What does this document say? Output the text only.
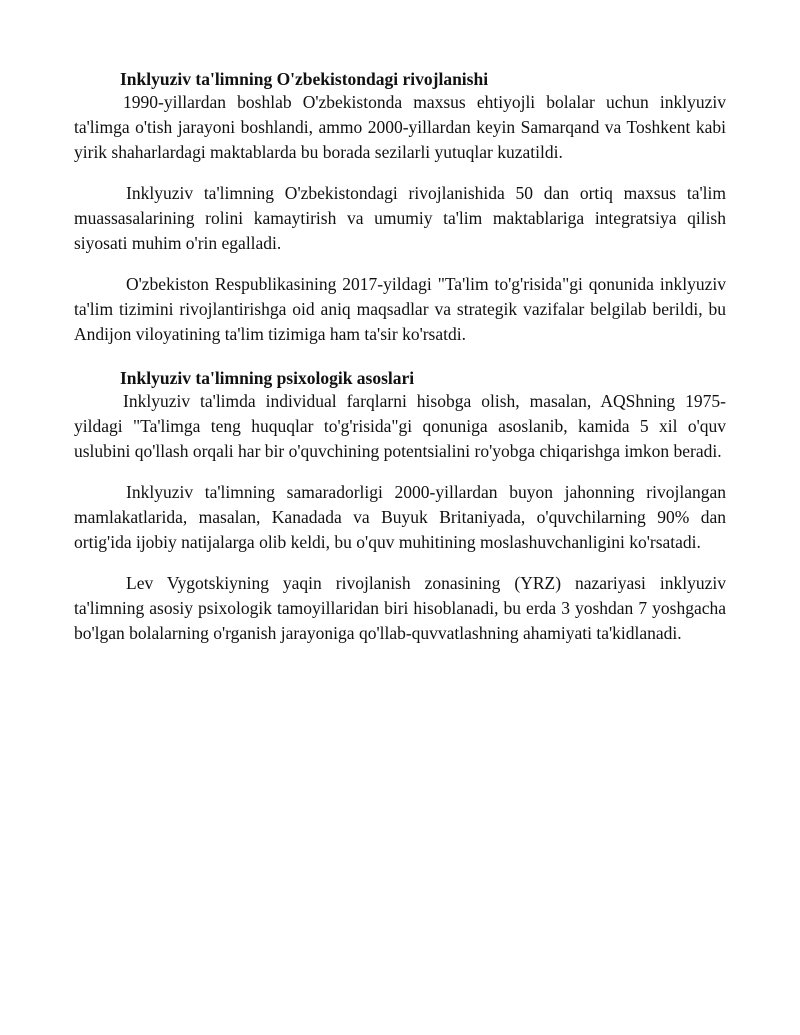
Inklyuziv ta'limning O'zbekistondagi rivojlanishi

1990-yillardan boshlab O'zbekistonda maxsus ehtiyojli bolalar uchun inklyuziv ta'limga o'tish jarayoni boshlandi, ammo 2000-yillardan keyin Samarqand va Toshkent kabi yirik shaharlardagi maktablarda bu borada sezilarli yutuqlar kuzatildi.

Inklyuziv ta'limning O'zbekistondagi rivojlanishida 50 dan ortiq maxsus ta'lim muassasalarining rolini kamaytirish va umumiy ta'lim maktablariga integratsiya qilish siyosati muhim o'rin egalladi.

O'zbekiston Respublikasining 2017-yildagi "Ta'lim to'g'risida"gi qonunida inklyuziv ta'lim tizimini rivojlantirishga oid aniq maqsadlar va strategik vazifalar belgilab berildi, bu Andijon viloyatining ta'lim tizimiga ham ta'sir ko'rsatdi.

Inklyuziv ta'limning psixologik asoslari

Inklyuziv ta'limda individual farqlarni hisobga olish, masalan, AQShning 1975-yildagi "Ta'limga teng huquqlar to'g'risida"gi qonuniga asoslanib, kamida 5 xil o'quv uslubini qo'llash orqali har bir o'quvchining potentsialini ro'yobga chiqarishga imkon beradi.

Inklyuziv ta'limning samaradorligi 2000-yillardan buyon jahonning rivojlangan mamlakatlarida, masalan, Kanadada va Buyuk Britaniyada, o'quvchilarning 90% dan ortig'ida ijobiy natijalarga olib keldi, bu o'quv muhitining moslashuvchanligini ko'rsatadi.

Lev Vygotskiyning yaqin rivojlanish zonasining (YRZ) nazariyasi inklyuziv ta'limning asosiy psixologik tamoyillaridan biri hisoblanadi, bu erda 3 yoshdan 7 yoshgacha bo'lgan bolalarning o'rganish jarayoniga qo'llab-quvvatlashning ahamiyati ta'kidlanadi.
